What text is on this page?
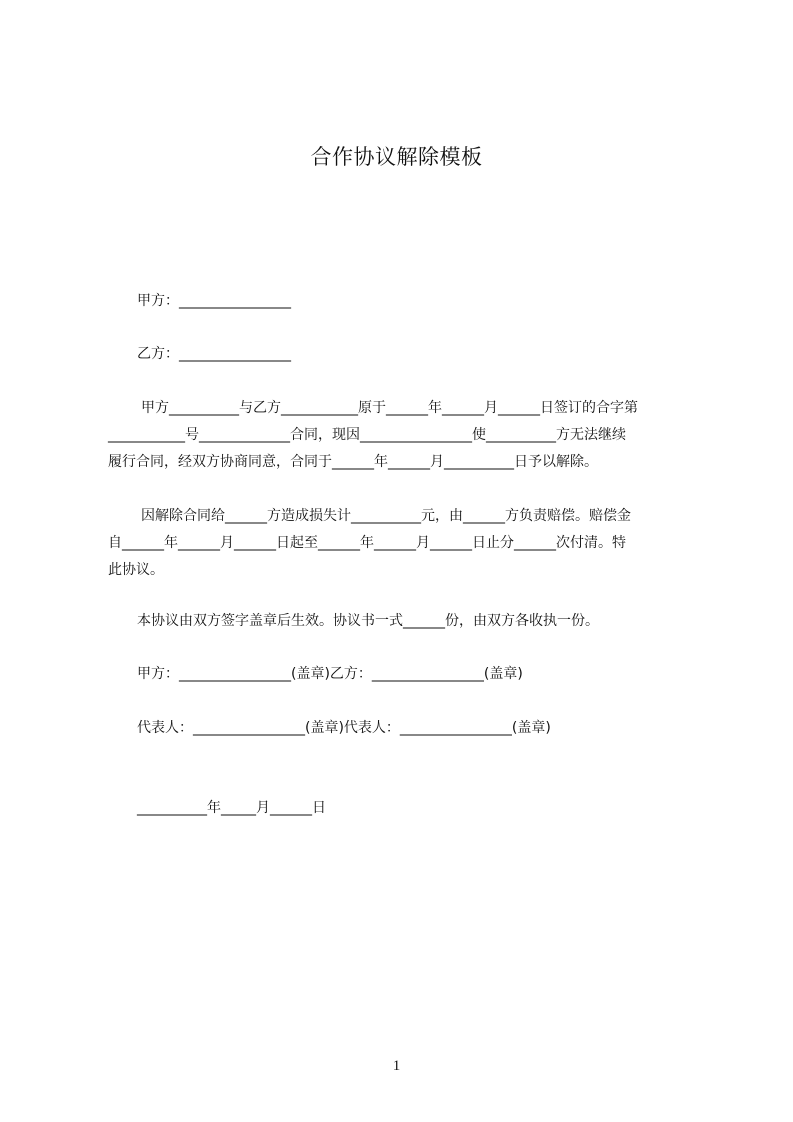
合作协议解除模板
甲方：________________
乙方：________________
甲方__________与乙方___________原于______年______月______日签订的合字第
___________号_____________合同，现因________________使__________方无法继续
履行合同，经双方协商同意，合同于______年______月__________日予以解除。
因解除合同给______方造成损失计__________元，由______方负责赔偿。赔偿金
自______年______月______日起至______年______月______日止分______次付清。特
此协议。
本协议由双方签字盖章后生效。协议书一式______份，由双方各收执一份。
甲方：________________(盖章)乙方：________________(盖章)
代表人：________________(盖章)代表人：________________(盖章)
__________年_____月______日
1
